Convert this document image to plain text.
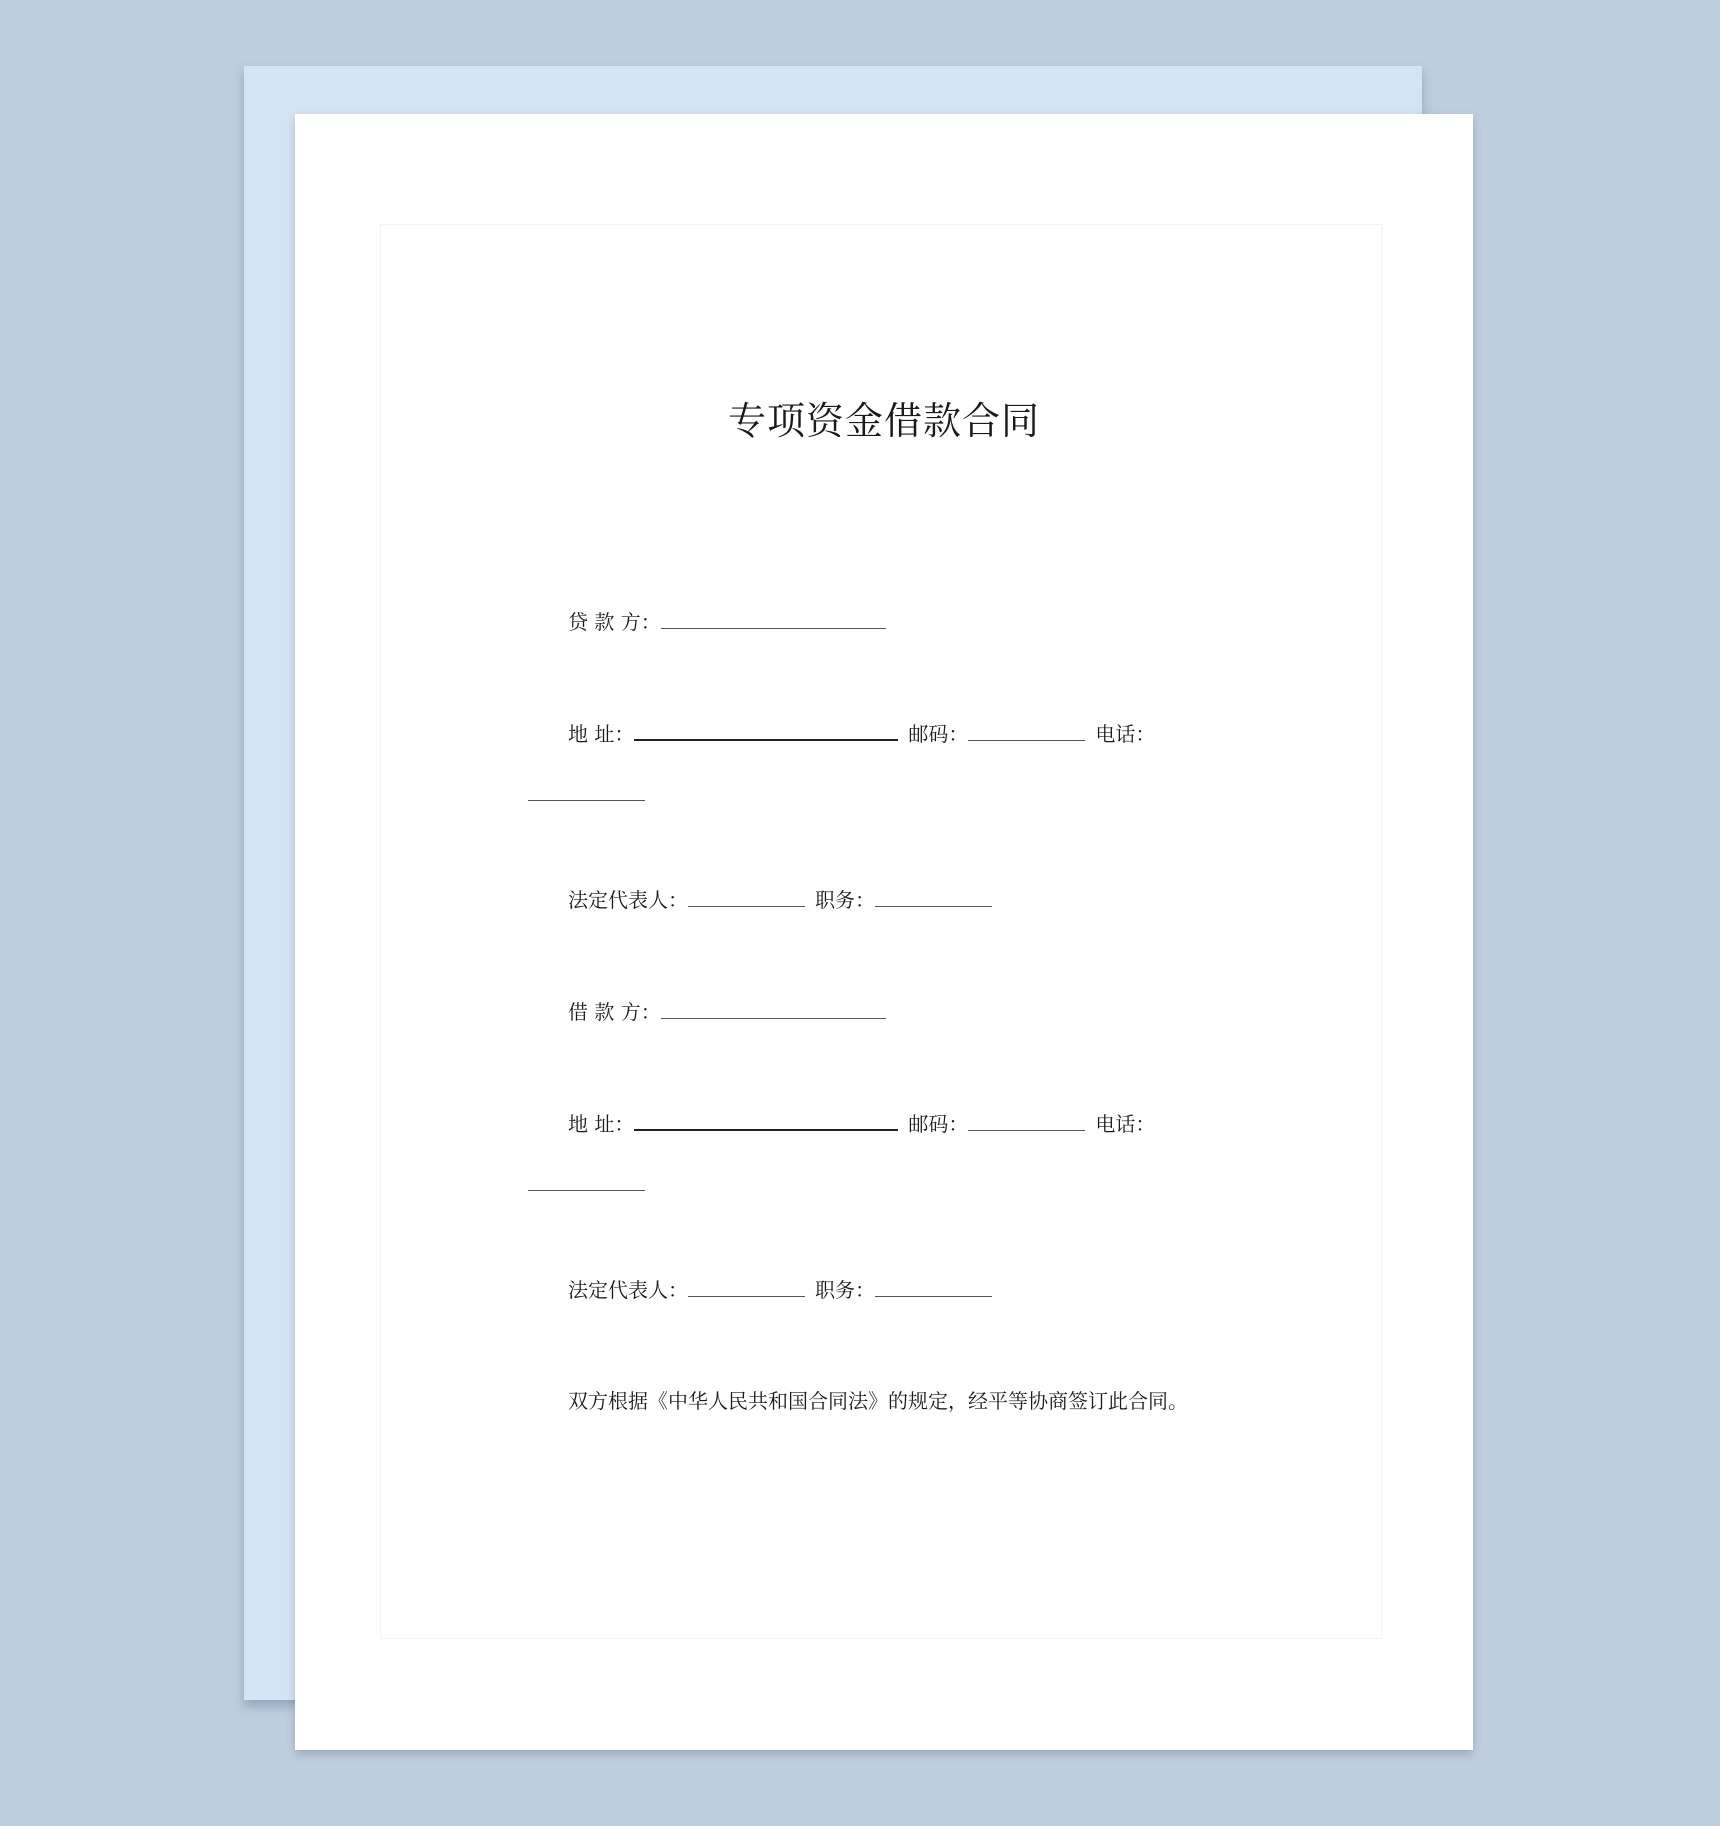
专项资金借款合同
贷 款 方：
地 址：	邮码：	电话：
法定代表人：	职务：
借 款 方：
地 址：	邮码：	电话：
法定代表人：	职务：
双方根据《中华人民共和国合同法》的规定，经平等协商签订此合同。
